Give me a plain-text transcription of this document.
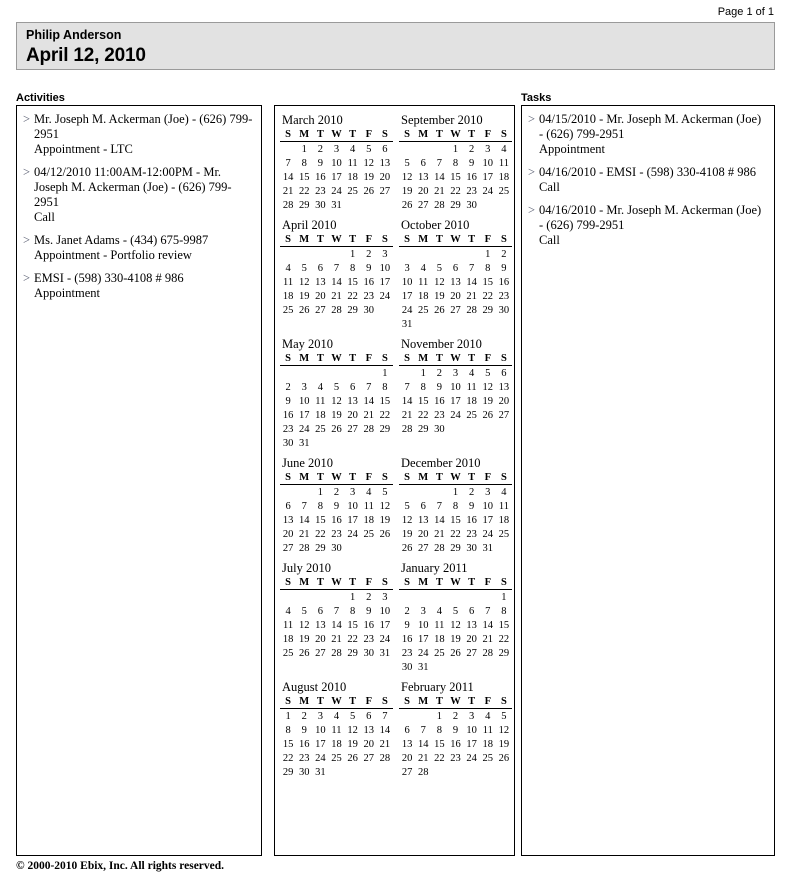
Page 1 of 1
Philip Anderson
April 12, 2010
Activities	Tasks
> Mr. Joseph M. Ackerman (Joe) - (626) 799-2951
Appointment - LTC
> 04/12/2010 11:00AM-12:00PM - Mr. Joseph M. Ackerman (Joe) - (626) 799-2951
Call
> Ms. Janet Adams - (434) 675-9987
Appointment - Portfolio review
> EMSI - (598) 330-4108 # 986
Appointment
March 2010
S	M	T	W	T	F	S
	1	2	3	4	5	6
7	8	9	10	11	12	13
14	15	16	17	18	19	20
21	22	23	24	25	26	27
28	29	30	31			
September 2010
S	M	T	W	T	F	S
			1	2	3	4
5	6	7	8	9	10	11
12	13	14	15	16	17	18
19	20	21	22	23	24	25
26	27	28	29	30		
April 2010
S	M	T	W	T	F	S
				1	2	3
4	5	6	7	8	9	10
11	12	13	14	15	16	17
18	19	20	21	22	23	24
25	26	27	28	29	30	
October 2010
S	M	T	W	T	F	S
					1	2
3	4	5	6	7	8	9
10	11	12	13	14	15	16
17	18	19	20	21	22	23
24	25	26	27	28	29	30
31						
May 2010
S	M	T	W	T	F	S
						1
2	3	4	5	6	7	8
9	10	11	12	13	14	15
16	17	18	19	20	21	22
23	24	25	26	27	28	29
30	31					
November 2010
S	M	T	W	T	F	S
	1	2	3	4	5	6
7	8	9	10	11	12	13
14	15	16	17	18	19	20
21	22	23	24	25	26	27
28	29	30				
June 2010
S	M	T	W	T	F	S
		1	2	3	4	5
6	7	8	9	10	11	12
13	14	15	16	17	18	19
20	21	22	23	24	25	26
27	28	29	30			
December 2010
S	M	T	W	T	F	S
			1	2	3	4
5	6	7	8	9	10	11
12	13	14	15	16	17	18
19	20	21	22	23	24	25
26	27	28	29	30	31	
July 2010
S	M	T	W	T	F	S
				1	2	3
4	5	6	7	8	9	10
11	12	13	14	15	16	17
18	19	20	21	22	23	24
25	26	27	28	29	30	31
January 2011
S	M	T	W	T	F	S
						1
2	3	4	5	6	7	8
9	10	11	12	13	14	15
16	17	18	19	20	21	22
23	24	25	26	27	28	29
30	31					
August 2010
S	M	T	W	T	F	S
1	2	3	4	5	6	7
8	9	10	11	12	13	14
15	16	17	18	19	20	21
22	23	24	25	26	27	28
29	30	31				
February 2011
S	M	T	W	T	F	S
		1	2	3	4	5
6	7	8	9	10	11	12
13	14	15	16	17	18	19
20	21	22	23	24	25	26
27	28					
> 04/15/2010 - Mr. Joseph M. Ackerman (Joe) - (626) 799-2951
Appointment
> 04/16/2010 - EMSI - (598) 330-4108 # 986
Call
> 04/16/2010 - Mr. Joseph M. Ackerman (Joe) - (626) 799-2951
Call
© 2000-2010 Ebix, Inc. All rights reserved.
